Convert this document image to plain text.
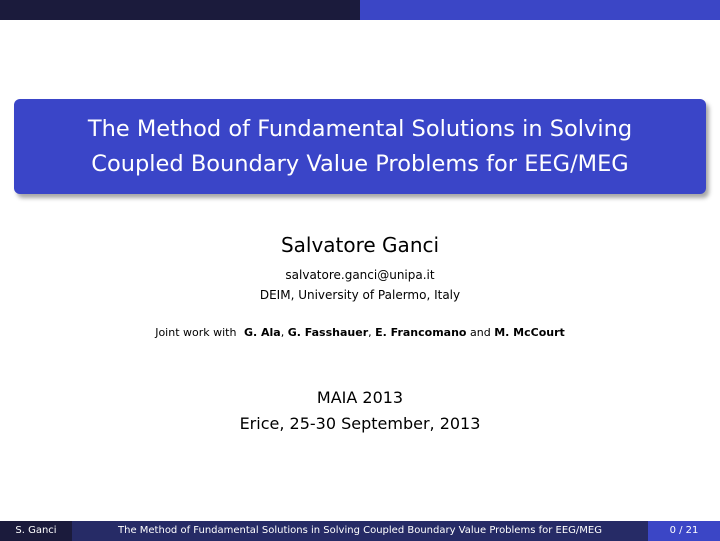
The Method of Fundamental Solutions in Solving
Coupled Boundary Value Problems for EEG/MEG
Salvatore Ganci
salvatore.ganci@unipa.it
DEIM, University of Palermo, Italy
Joint work with G. Ala, G. Fasshauer, E. Francomano and M. McCourt
MAIA 2013
Erice, 25-30 September, 2013
S. Ganci	The Method of Fundamental Solutions in Solving Coupled Boundary Value Problems for EEG/MEG	0 / 21
